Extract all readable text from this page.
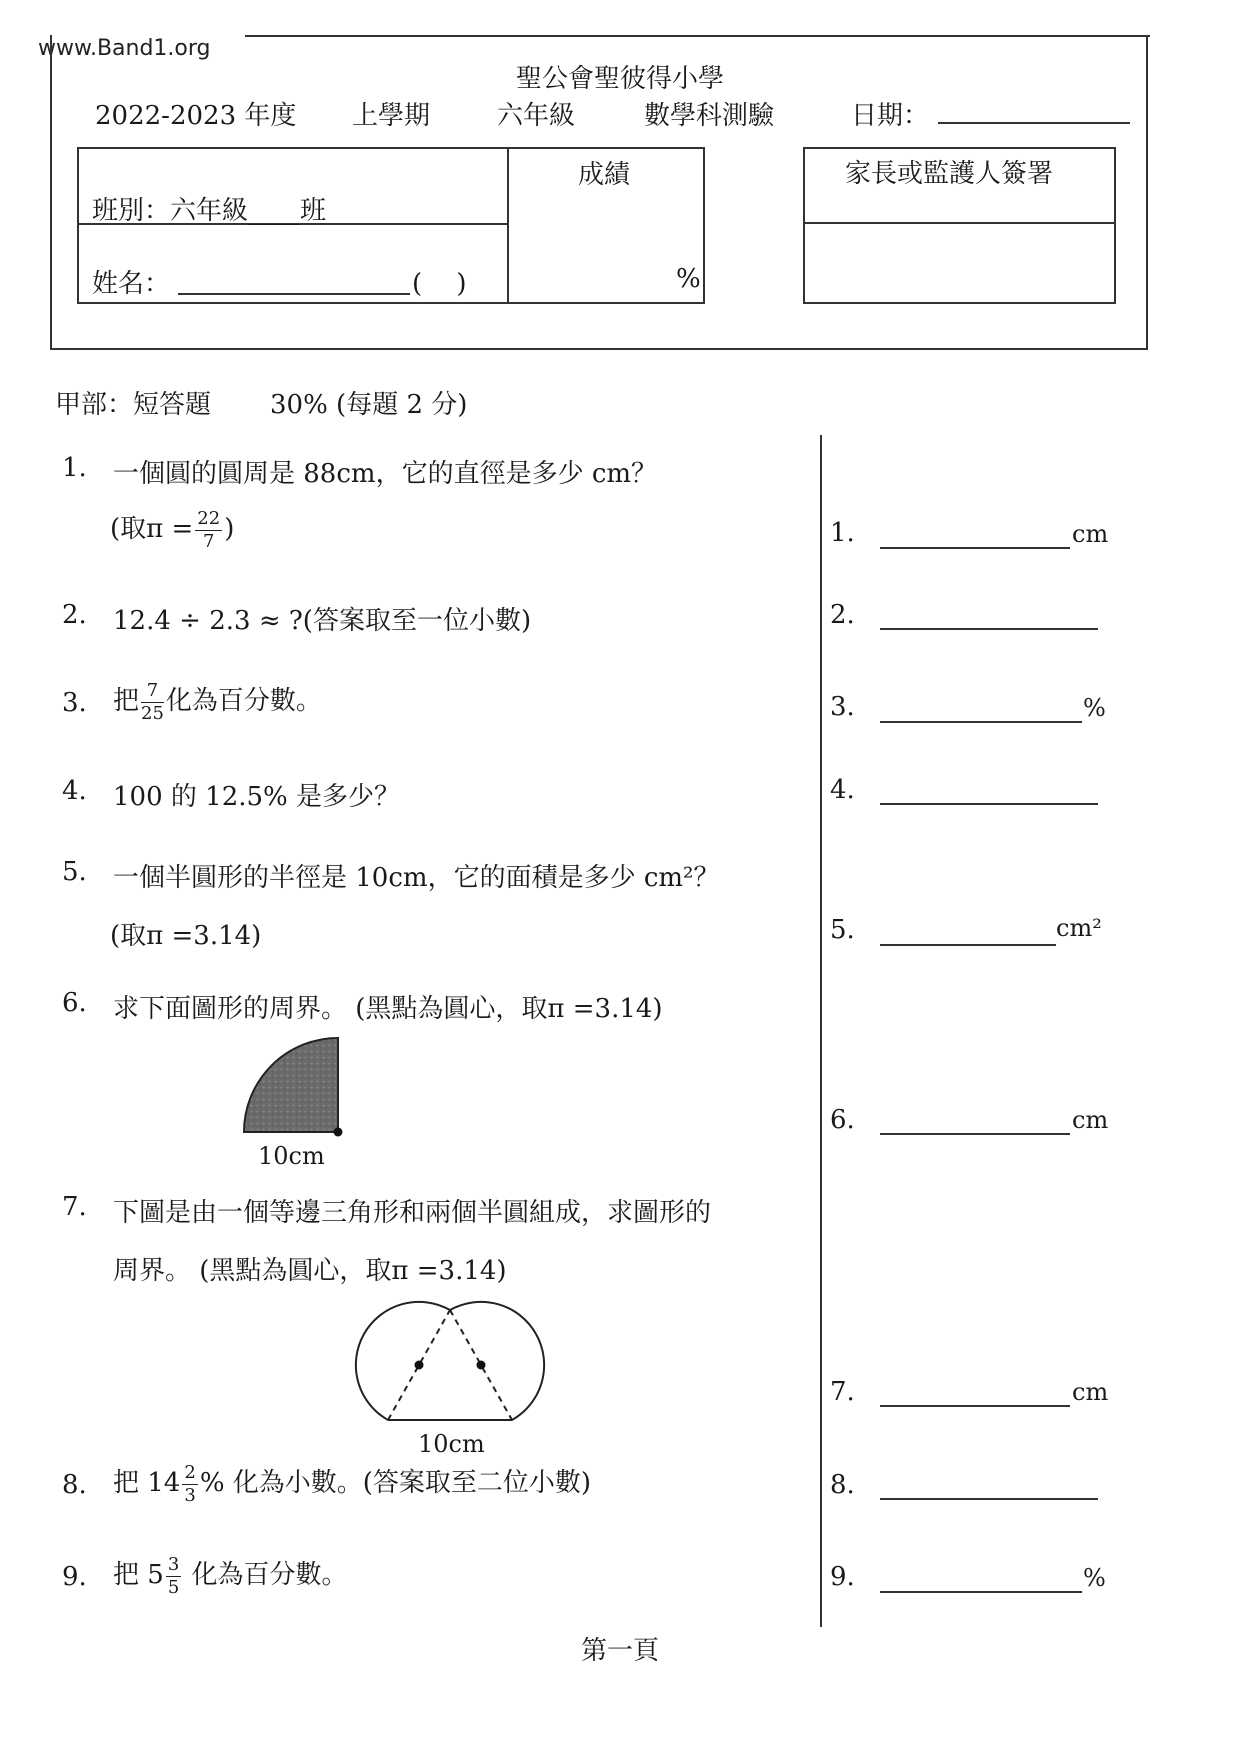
www.Band1.org
聖公會聖彼得小學
2022-2023 年度 上學期	六年級	數學科測驗	日期：
班別：六年級____班
姓名：	(　 )
成績
%
家長或監護人簽署
甲部：短答題 30% (每題 2 分)
1. 一個圓的圓周是 88cm，它的直徑是多少 cm？
(取$\pi = \frac{22}{7}$ )
2. 12.4 ÷ 2.3 ≈ ?(答案取至一位小數)
3. 把 $\frac{7}{25}$ 化為百分數。
4. 100 的 12.5% 是多少？
5. 一個半圓形的半徑是 10cm，它的面積是多少 cm²？
(取π =3.14)
6. 求下面圖形的周界。 (黑點為圓心，取π =3.14)
10cm
7. 下圖是由一個等邊三角形和兩個半圓組成，求圖形的
周界。 (黑點為圓心，取π =3.14)
10cm
8. 把 $14 \frac{2}{3}$ % 化為小數。(答案取至二位小數)
9. 把 $5 \frac{3}{5}$ 化為百分數。
1.	cm
2.
3.	%
4.
5.	cm²
6.	cm
7.	cm
8.
9.	%
第一頁
